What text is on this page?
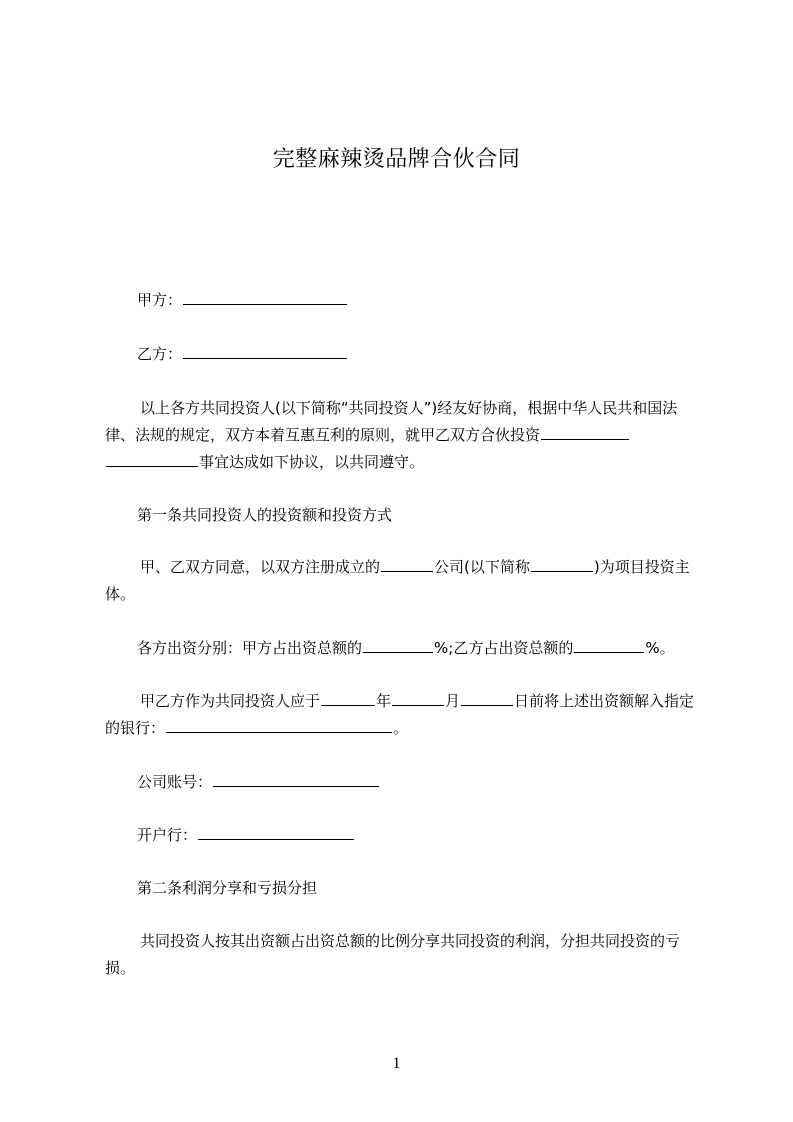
完整麻辣烫品牌合伙合同
甲方：
乙方：
以上各方共同投资人(以下简称“共同投资人”)经友好协商，根据中华人民共和国法律、法规的规定，双方本着互惠互利的原则，就甲乙双方合伙投资事宜达成如下协议，以共同遵守。
第一条共同投资人的投资额和投资方式
甲、乙双方同意，以双方注册成立的	公司(以下简称	)为项目投资主体。
各方出资分别：甲方占出资总额的	%;乙方占出资总额的	%。
甲乙方作为共同投资人应于	年	月	日前将上述出资额解入指定的银行：	。
公司账号：
开户行：
第二条利润分享和亏损分担
共同投资人按其出资额占出资总额的比例分享共同投资的利润，分担共同投资的亏损。
1
